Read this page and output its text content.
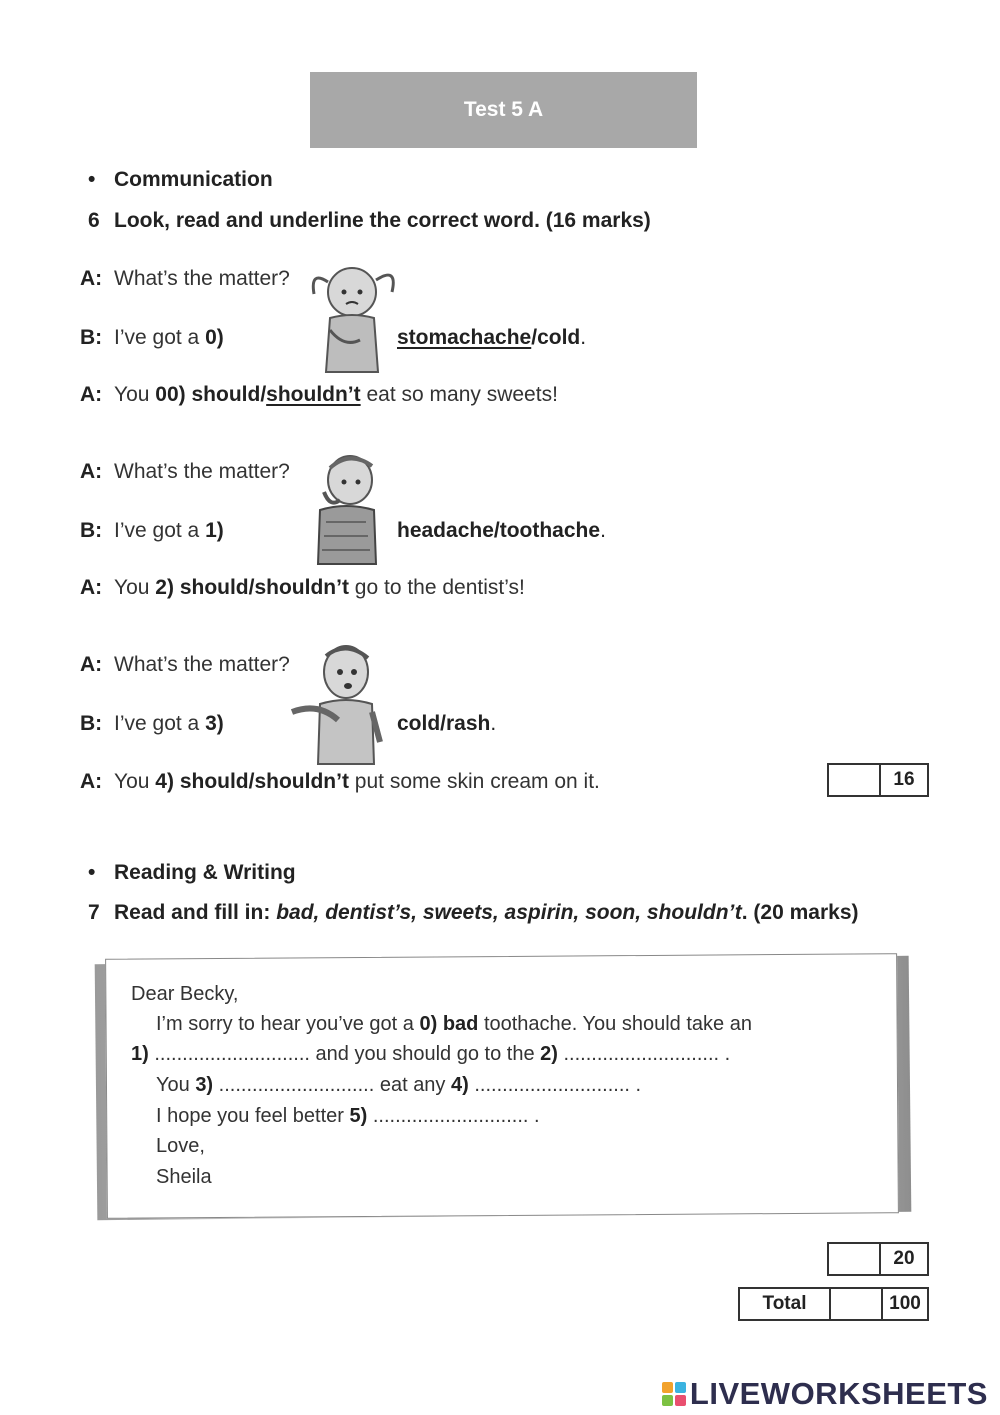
Test 5 A
• Communication
6 Look, read and underline the correct word. (16 marks)
A: What’s the matter?
B: I’ve got a 0)	stomachache/cold.
A: You 00) should/shouldn’t eat so many sweets!
A: What’s the matter?
B: I’ve got a 1)	headache/toothache.
A: You 2) should/shouldn’t go to the dentist’s!
A: What’s the matter?
B: I’ve got a 3)	cold/rash.
A: You 4) should/shouldn’t put some skin cream on it.	16
• Reading & Writing
7 Read and fill in: bad, dentist’s, sweets, aspirin, soon, shouldn’t. (20 marks)
Dear Becky,
I’m sorry to hear you’ve got a 0) bad toothache. You should take an
1) ............................ and you should go to the 2) ............................ .
You 3) ............................ eat any 4) ............................ .
I hope you feel better 5) ............................ .
Love,
Sheila
20
Total	100
LIVEWORKSHEETS
